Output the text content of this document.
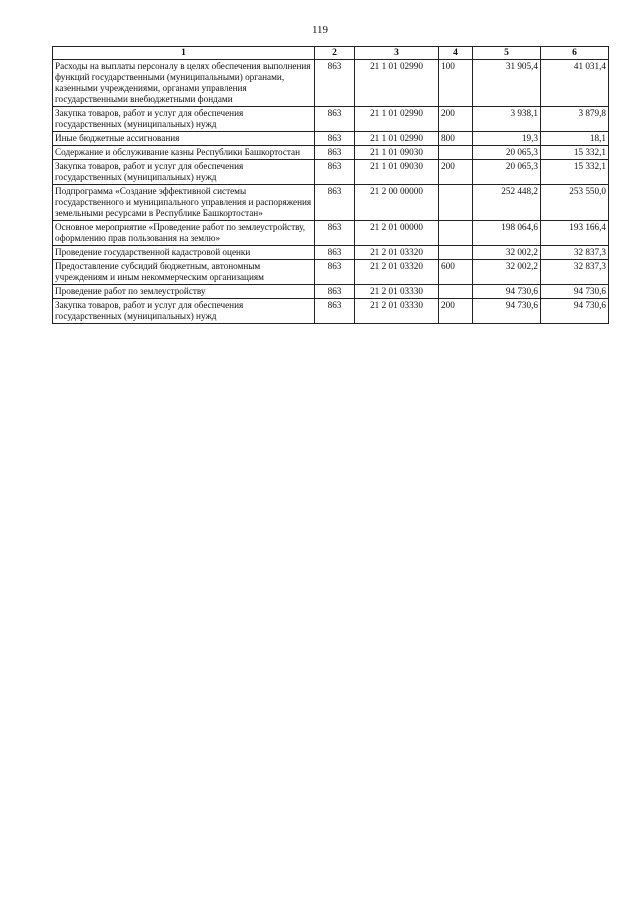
119
1	2	3	4	5	6
Расходы на выплаты персоналу в целях обеспечения выполнения функций государственными (муниципальными) органами, казенными учреждениями, органами управления государственными внебюджетными фондами	863	21 1 01 02990	100	31 905,4	41 031,4
Закупка товаров, работ и услуг для обеспечения государственных (муниципальных) нужд	863	21 1 01 02990	200	3 938,1	3 879,8
Иные бюджетные ассигнования	863	21 1 01 02990	800	19,3	18,1
Содержание и обслуживание казны Республики Башкортостан	863	21 1 01 09030		20 065,3	15 332,1
Закупка товаров, работ и услуг для обеспечения государственных (муниципальных) нужд	863	21 1 01 09030	200	20 065,3	15 332,1
Подпрограмма «Создание эффективной системы государственного и муниципального управления и распоряжения земельными ресурсами в Республике Башкортостан»	863	21 2 00 00000		252 448,2	253 550,0
Основное мероприятие «Проведение работ по землеустройству, оформлению прав пользования на землю»	863	21 2 01 00000		198 064,6	193 166,4
Проведение государственной кадастровой оценки	863	21 2 01 03320		32 002,2	32 837,3
Предоставление субсидий бюджетным, автономным учреждениям и иным некоммерческим организациям	863	21 2 01 03320	600	32 002,2	32 837,3
Проведение работ по землеустройству	863	21 2 01 03330		94 730,6	94 730,6
Закупка товаров, работ и услуг для обеспечения государственных (муниципальных) нужд	863	21 2 01 03330	200	94 730,6	94 730,6
